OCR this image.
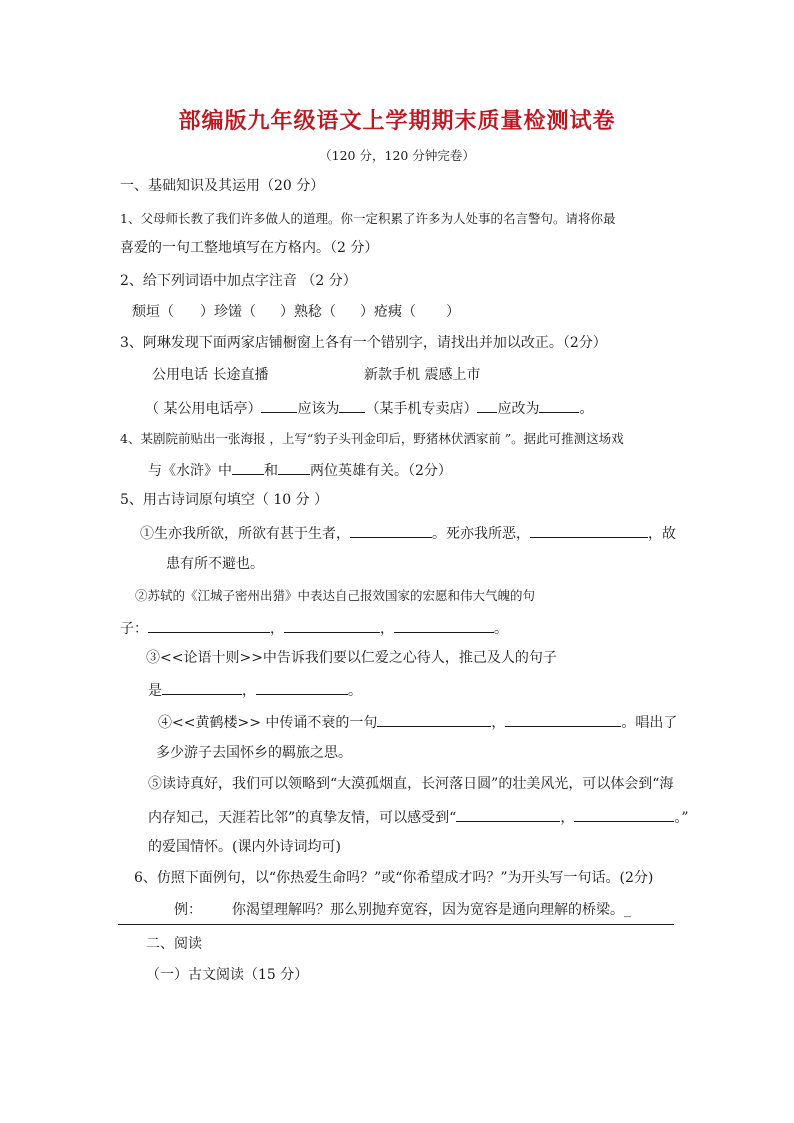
部编版九年级语文上学期期末质量检测试卷
（120 分，120 分钟完卷）
一、基础知识及其运用（20 分）
1、父母师长教了我们许多做人的道理。你一定积累了许多为人处事的名言警句。请将你最
喜爱的一句工整地填写在方格内。（2 分）
2、给下列词语中加点字注音 （2 分）
颓垣（ ）珍馐（ ）熟稔（ ）疮痍（ ）
3、阿琳发现下面两家店铺橱窗上各有一个错别字，请找出并加以改正。（2分）
公用电话 长途直播	新款手机 震感上市
（ 某公用电话亭）	应该为 （某手机专卖店） 应改为	。
4、某剧院前贴出一张海报 ，上写“豹子头刊金印后，野猪林伏洒家前 ”。据此可推测这场戏
与《水浒》中 和 两位英雄有关。（2分）
5、用古诗词原句填空（ 10 分 ）
①生亦我所欲，所欲有甚于生者，	。死亦我所恶，	，故
患有所不避也。
②苏轼的《江城子密州出猎》中表达自己报效国家的宏愿和伟大气魄的句
子：	，	，	。
③<<论语十则>>中告诉我们要以仁爱之心待人，推己及人的句子
是	，	。
④<<黄鹤楼>> 中传诵不衰的一句	，	。唱出了
多少游子去国怀乡的羁旅之思。
⑤读诗真好，我们可以领略到“大漠孤烟直，长河落日圆”的壮美风光，可以体会到“海
内存知己，天涯若比邻”的真挚友情，可以感受到“	，	。”
的爱国情怀。(课内外诗词均可)
6、仿照下面例句，以“你热爱生命吗？”或“你希望成才吗？”为开头写一句话。(2分)
例： 你渴望理解吗？那么别抛弃宽容，因为宽容是通向理解的桥梁。_
二、阅读
（一）古文阅读（15 分）
